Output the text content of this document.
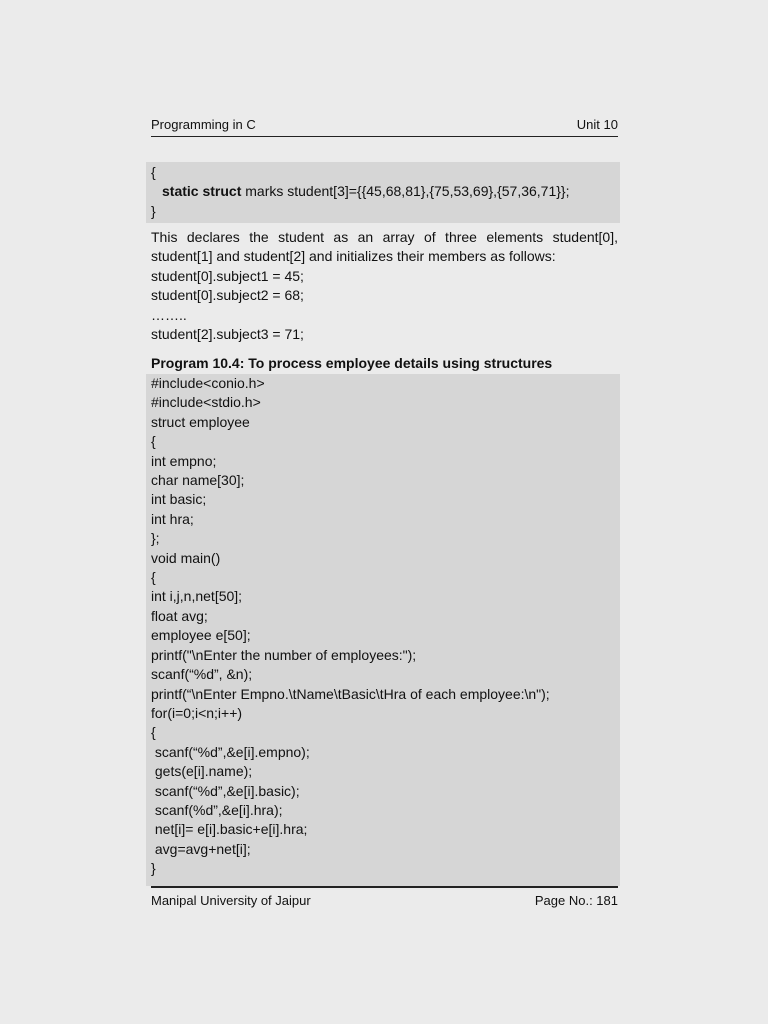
Programming in C	Unit 10
{
static struct marks student[3]={{45,68,81},{75,53,69},{57,36,71}};
}
This declares the student as an array of three elements student[0],
student[1] and student[2] and initializes their members as follows:
student[0].subject1 = 45;
student[0].subject2 = 68;
……..
student[2].subject3 = 71;
Program 10.4: To process employee details using structures
#include<conio.h>
#include<stdio.h>
struct employee
{
int empno;
char name[30];
int basic;
int hra;
};
void main()
{
int i,j,n,net[50];
float avg;
employee e[50];
printf("\nEnter the number of employees:");
scanf(“%d”, &n);
printf(“\nEnter Empno.\tName\tBasic\tHra of each employee:\n");
for(i=0;i<n;i++)
{
scanf(“%d”,&e[i].empno);
gets(e[i].name);
scanf(“%d”,&e[i].basic);
scanf(%d”,&e[i].hra);
net[i]= e[i].basic+e[i].hra;
avg=avg+net[i];
}
Manipal University of Jaipur	Page No.: 181
